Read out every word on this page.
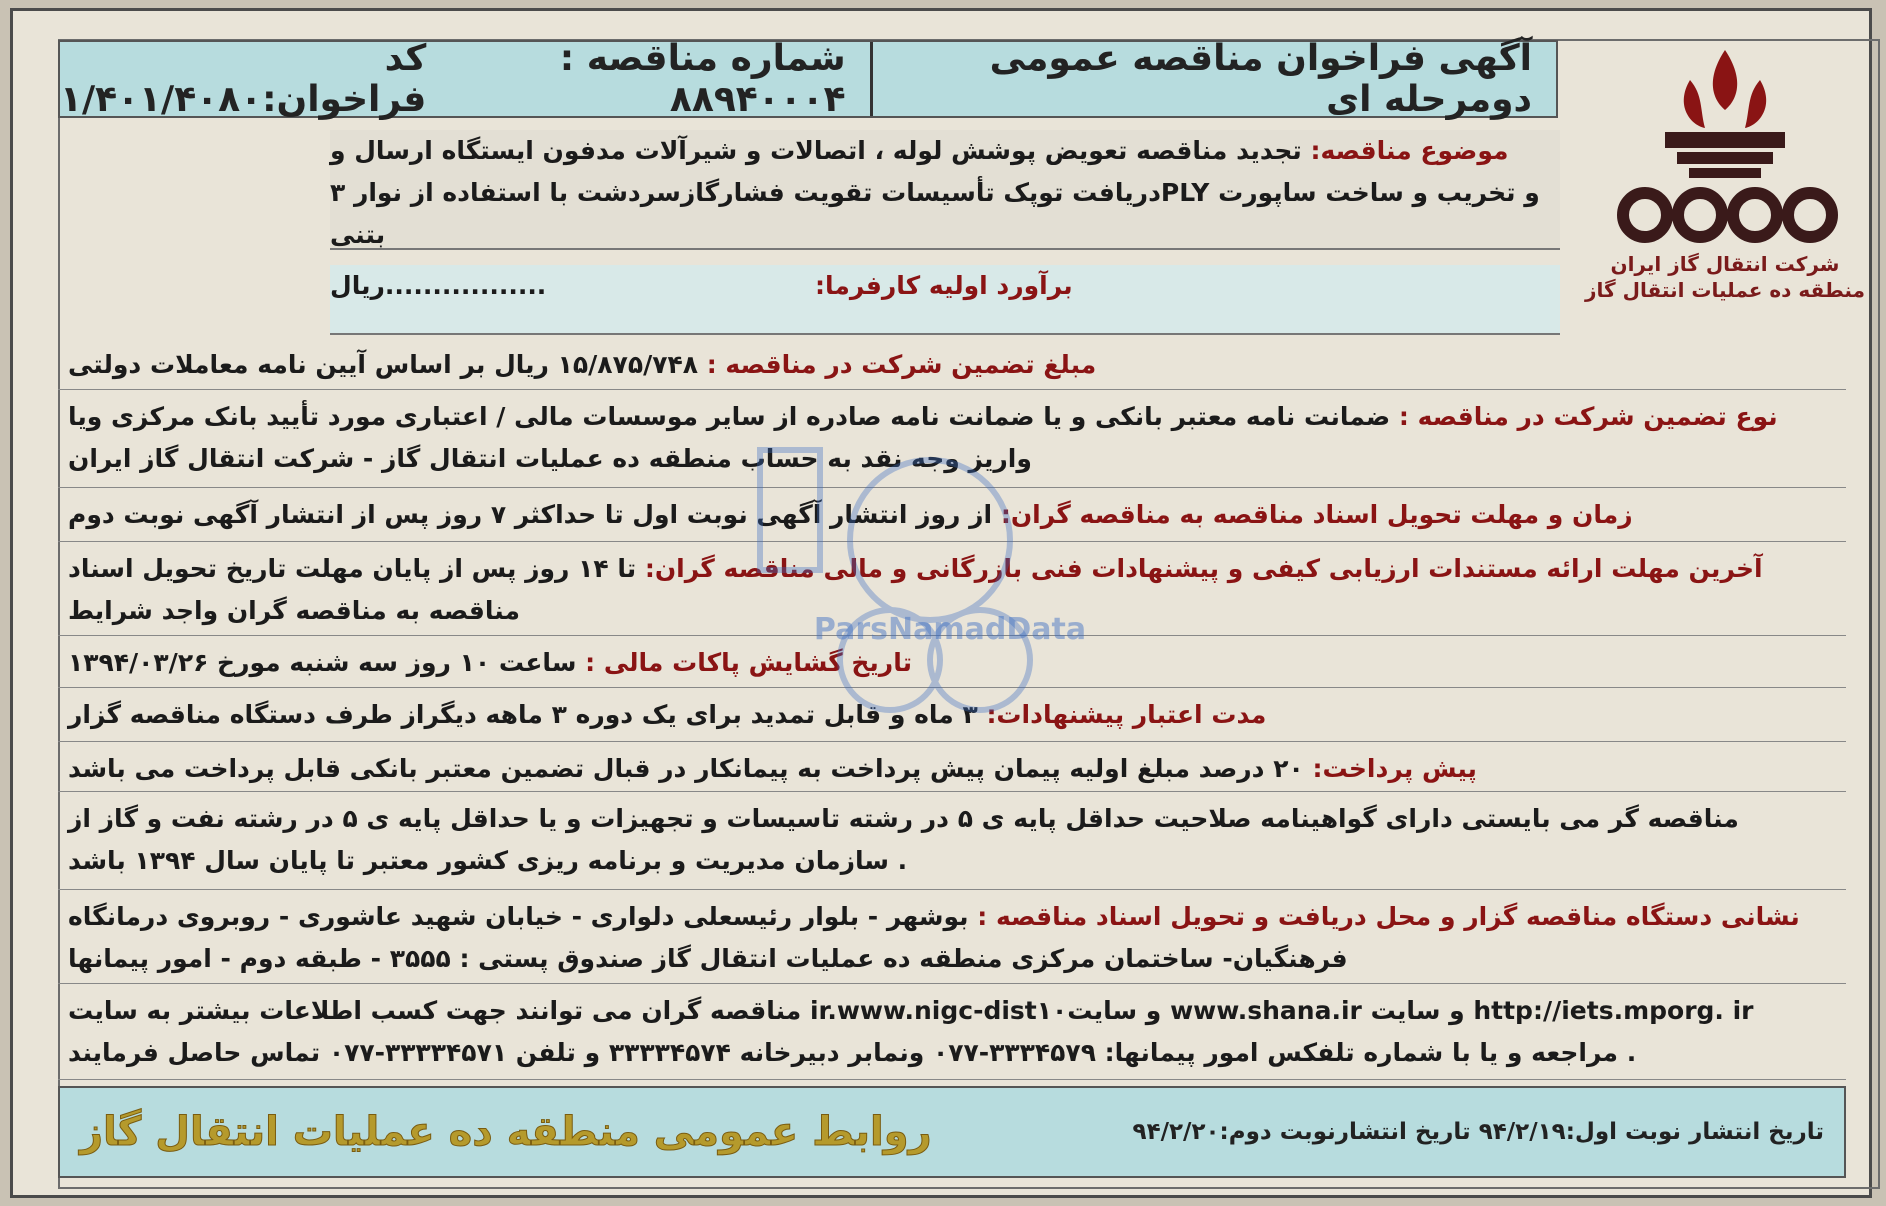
آگهی فراخوان مناقصه عمومی دومرحله ای
شماره مناقصه : ۸۸۹۴۰۰۰۴
کد فراخوان:۱/۴۰۱/۴۰۸۰
شرکت انتقال گاز ایران
منطقه ده عملیات انتقال گاز
موضوع مناقصه: تجدید مناقصه تعویض پوشش لوله ، اتصالات و شیرآلات مدفون ایستگاه ارسال و دریافت توپک تأسیسات تقویت فشارگازسردشت با استفاده از نوار ۳PLY و تخریب و ساخت ساپورت بتنی
برآورد اولیه کارفرما: .................ریال
مبلغ تضمین شرکت در مناقصه : ۱۵/۸۷۵/۷۴۸ ریال بر اساس آیین نامه معاملات دولتی
نوع تضمین شرکت در مناقصه : ضمانت نامه معتبر بانکی و یا ضمانت نامه صادره از سایر موسسات مالی / اعتباری مورد تأیید بانک مرکزی ویا واریز وجه نقد به حساب منطقه ده عملیات انتقال گاز - شرکت انتقال گاز ایران
زمان و مهلت تحویل اسناد مناقصه به مناقصه گران: از روز انتشار آگهی نوبت اول تا حداکثر ۷ روز پس از انتشار آگهی نوبت دوم
آخرین مهلت ارائه مستندات ارزیابی کیفی و پیشنهادات فنی بازرگانی و مالی مناقصه گران: تا ۱۴ روز پس از پایان مهلت تاریخ تحویل اسناد مناقصه به مناقصه گران واجد شرایط
تاریخ گشایش پاکات مالی : ساعت ۱۰ روز سه شنبه مورخ ۱۳۹۴/۰۳/۲۶
مدت اعتبار پیشنهادات: ۳ ماه و قابل تمدید برای یک دوره ۳ ماهه دیگراز طرف دستگاه مناقصه گزار
پیش پرداخت: ۲۰ درصد مبلغ اولیه پیمان پیش پرداخت به پیمانکار در قبال تضمین معتبر بانکی قابل پرداخت می باشد
مناقصه گر می بایستی دارای گواهینامه صلاحیت حداقل پایه ی ۵ در رشته تاسیسات و تجهیزات و یا حداقل پایه ی ۵ در رشته نفت و گاز از سازمان مدیریت و برنامه ریزی کشور معتبر تا پایان سال ۱۳۹۴ باشد .
نشانی دستگاه مناقصه گزار و محل دریافت و تحویل اسناد مناقصه : بوشهر - بلوار رئیسعلی دلواری - خیابان شهید عاشوری - روبروی درمانگاه فرهنگیان- ساختمان مرکزی منطقه ده عملیات انتقال گاز صندوق پستی : ۳۵۵۵ - طبقه دوم - امور پیمانها
مناقصه گران می توانند جهت کسب اطلاعات بیشتر به سایت ir.www.nigc-dist۱۰و سایت www.shana.ir و سایت http://iets.mporg. ir مراجعه و یا با شماره تلفکس امور پیمانها: ۳۳۳۴۵۷۹-۰۷۷ ونمابر دبیرخانه ۳۳۳۳۴۵۷۴ و تلفن ۳۳۳۳۴۵۷۱-۰۷۷ تماس حاصل فرمایند .
روابط عمومی منطقه ده عملیات انتقال گاز	تاریخ انتشار نوبت اول:۹۴/۲/۱۹ تاریخ انتشارنوبت دوم:۹۴/۲/۲۰
ParsNamadData
